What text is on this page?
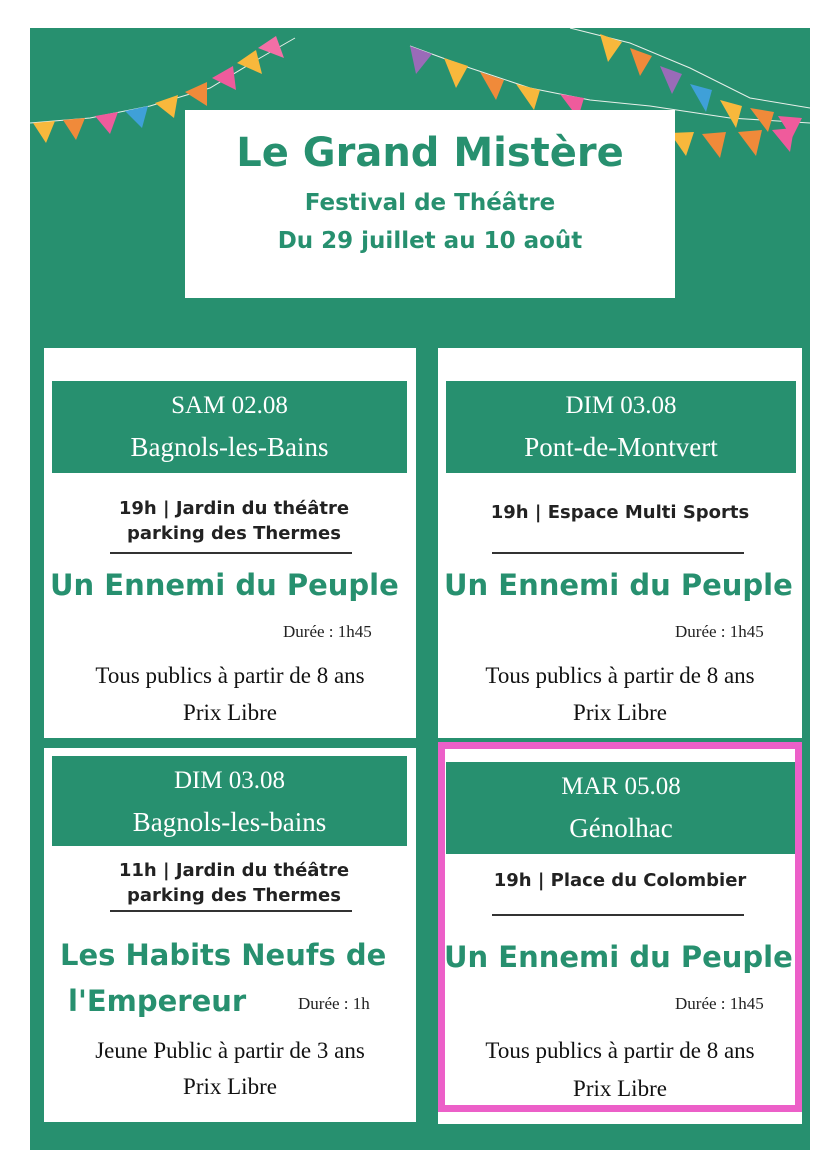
Le Grand Mistère
Festival de Théâtre
Du 29 juillet au 10 août
SAM 02.08
Bagnols-les-Bains
19h | Jardin du théâtre
parking des Thermes
Un Ennemi du Peuple
Durée : 1h45
Tous publics à partir de 8 ans
Prix Libre
DIM 03.08
Pont-de-Montvert
19h | Espace Multi Sports
Un Ennemi du Peuple
Durée : 1h45
Tous publics à partir de 8 ans
Prix Libre
DIM 03.08
Bagnols-les-bains
11h | Jardin du théâtre
parking des Thermes
Les Habits Neufs de
l'Empereur	Durée : 1h
Jeune Public à partir de 3 ans
Prix Libre
MAR 05.08
Génolhac
19h | Place du Colombier
Un Ennemi du Peuple
Durée : 1h45
Tous publics à partir de 8 ans
Prix Libre
